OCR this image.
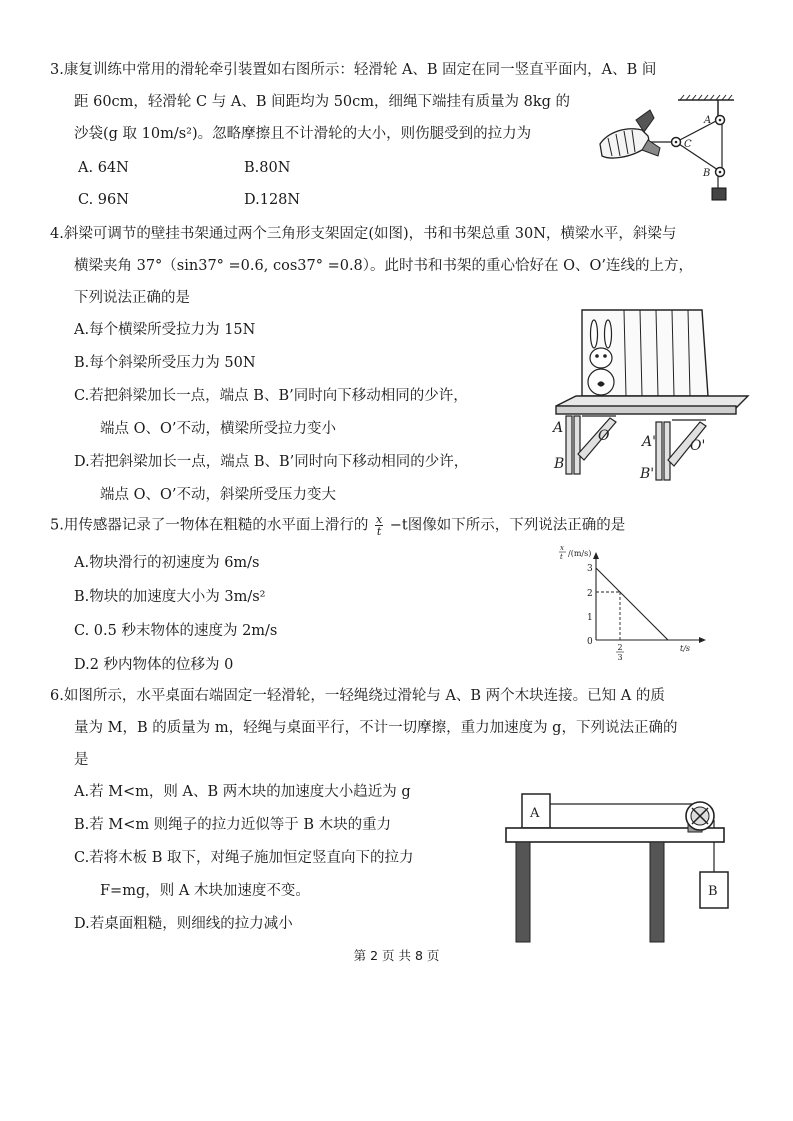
3.康复训练中常用的滑轮牵引装置如右图所示：轻滑轮 A、B 固定在同一竖直平面内，A、B 间
距 60cm，轻滑轮 C 与 A、B 间距均为 50cm，细绳下端挂有质量为 8kg 的
沙袋(g 取 10m/s²)。忽略摩擦且不计滑轮的大小，则伤腿受到的拉力为
A. 64N	B.80N
C. 96N	D.128N
A
C
B
4.斜梁可调节的壁挂书架通过两个三角形支架固定(如图)，书和书架总重 30N，横梁水平，斜梁与
横梁夹角 37°（sin37° =0.6, cos37° =0.8）。此时书和书架的重心恰好在 O、O’连线的上方，
下列说法正确的是
A.每个横梁所受拉力为 15N
B.每个斜梁所受压力为 50N
C.若把斜梁加长一点，端点 B、B’同时向下移动相同的少许，
端点 O、O’不动，横梁所受拉力变小
D.若把斜梁加长一点，端点 B、B’同时向下移动相同的少许，
端点 O、O’不动，斜梁所受压力变大
A O
B
A' O'
B'
5.用传感器记录了一物体在粗糙的水平面上滑行的 $\frac{x}{t} -t$图像如下所示，下列说法正确的是
A.物块滑行的初速度为 6m/s
B.物块的加速度大小为 3m/s²
C. 0.5 秒末物体的速度为 2m/s
D.2 秒内物体的位移为 0
x
t /(m/s)
t/s
3
2
1
0
2
3
6.如图所示，水平桌面右端固定一轻滑轮，一轻绳绕过滑轮与 A、B 两个木块连接。已知 A 的质
量为 M，B 的质量为 m，轻绳与桌面平行，不计一切摩擦，重力加速度为 g，下列说法正确的
是
A.若 M<m，则 A、B 两木块的加速度大小趋近为 g
B.若 M<m 则绳子的拉力近似等于 B 木块的重力
C.若将木板 B 取下，对绳子施加恒定竖直向下的拉力
F=mg，则 A 木块加速度不变。
D.若桌面粗糙，则细线的拉力减小
A
B
第 2 页 共 8 页
